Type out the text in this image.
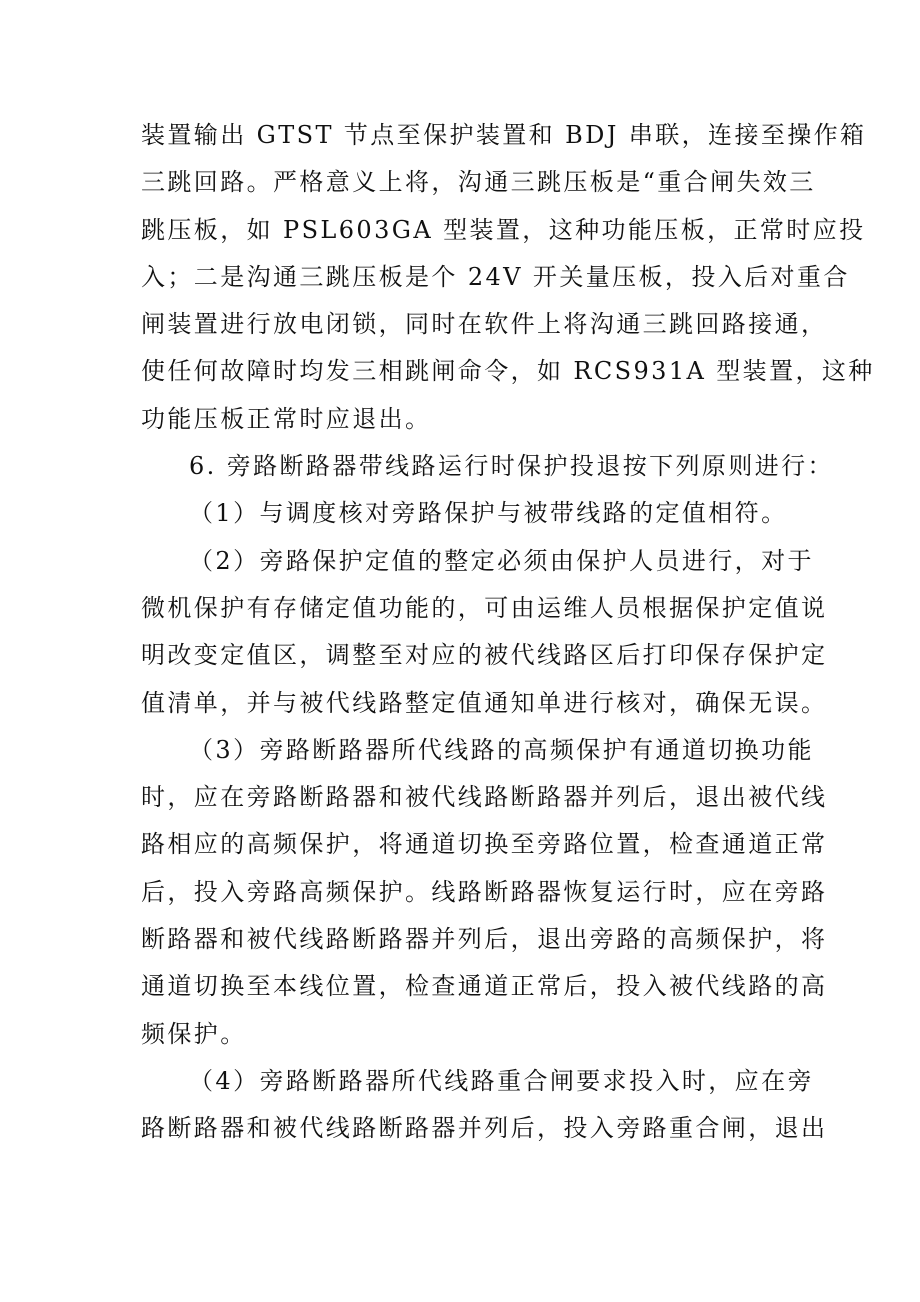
装置输出 GTST 节点至保护装置和 BDJ 串联，连接至操作箱
三跳回路。严格意义上将，沟通三跳压板是“重合闸失效三
跳压板，如 PSL603GA 型装置，这种功能压板，正常时应投
入；二是沟通三跳压板是个 24V 开关量压板，投入后对重合
闸装置进行放电闭锁，同时在软件上将沟通三跳回路接通，
使任何故障时均发三相跳闸命令，如 RCS931A 型装置，这种
功能压板正常时应退出。
6. 旁路断路器带线路运行时保护投退按下列原则进行：
（1）与调度核对旁路保护与被带线路的定值相符。
（2）旁路保护定值的整定必须由保护人员进行，对于
微机保护有存储定值功能的，可由运维人员根据保护定值说
明改变定值区，调整至对应的被代线路区后打印保存保护定
值清单，并与被代线路整定值通知单进行核对，确保无误。
（3）旁路断路器所代线路的高频保护有通道切换功能
时，应在旁路断路器和被代线路断路器并列后，退出被代线
路相应的高频保护，将通道切换至旁路位置，检查通道正常
后，投入旁路高频保护。线路断路器恢复运行时，应在旁路
断路器和被代线路断路器并列后，退出旁路的高频保护，将
通道切换至本线位置，检查通道正常后，投入被代线路的高
频保护。
（4）旁路断路器所代线路重合闸要求投入时，应在旁
路断路器和被代线路断路器并列后，投入旁路重合闸，退出
